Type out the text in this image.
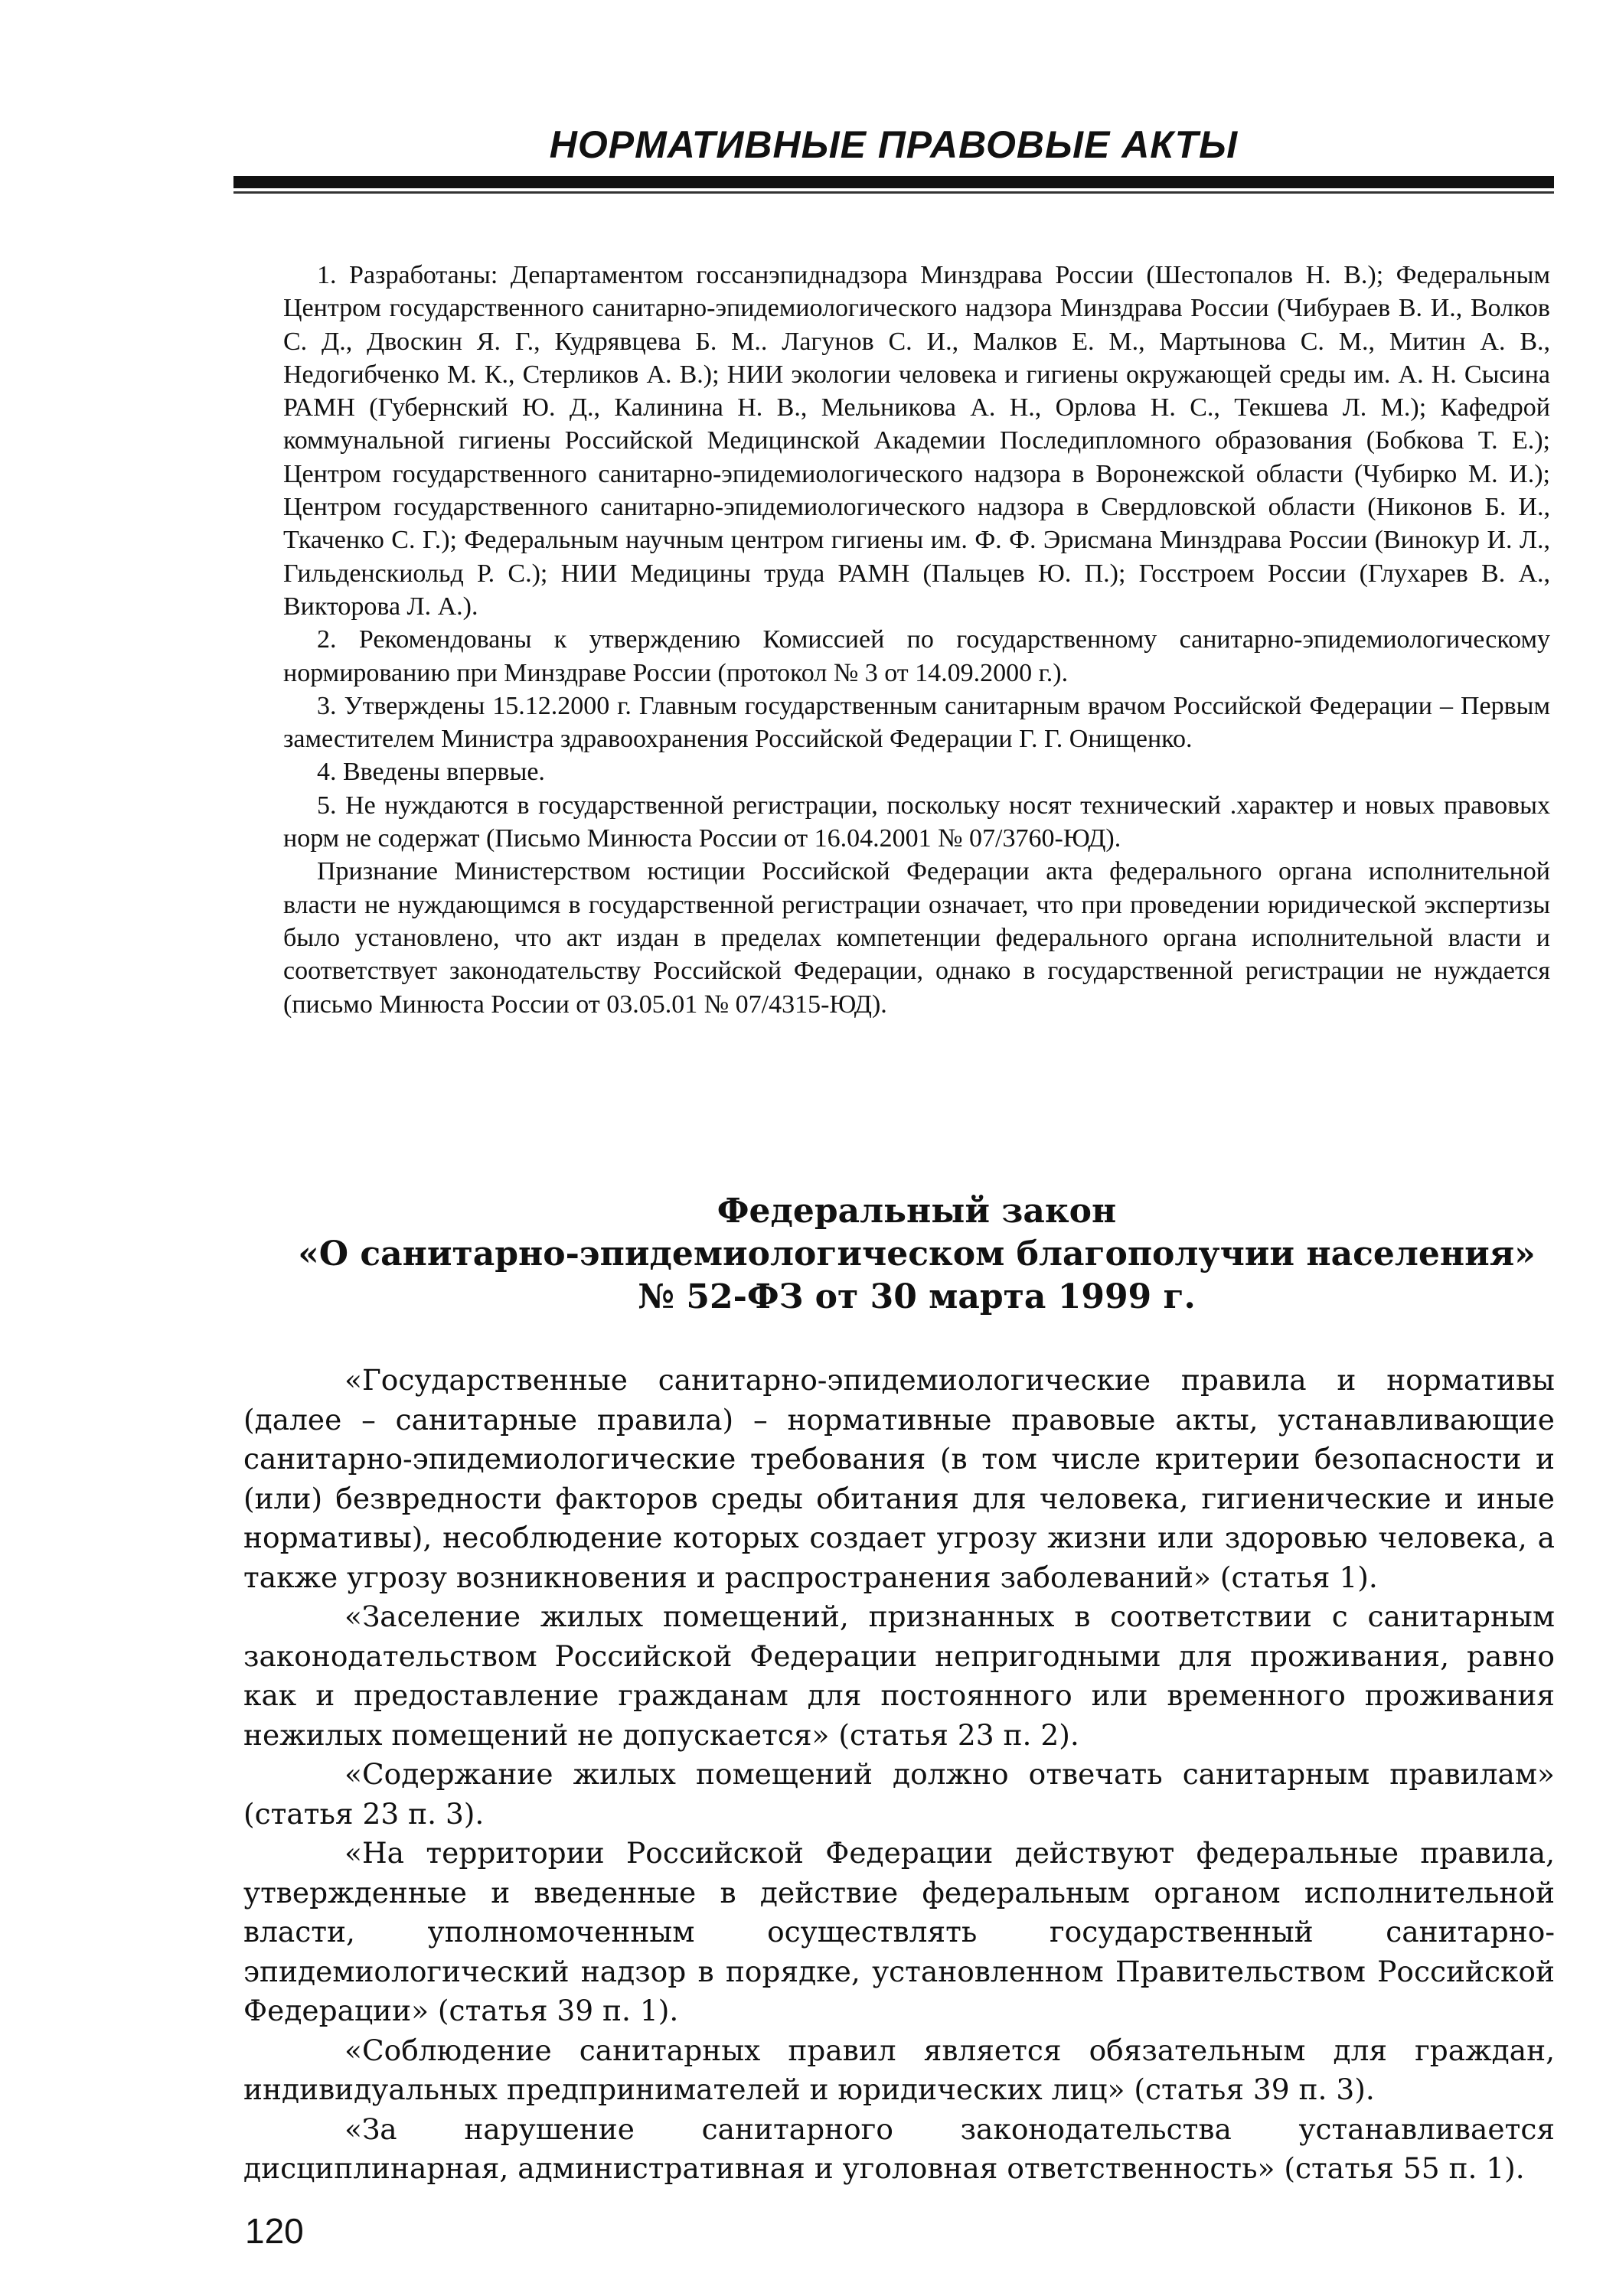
НОРМАТИВНЫЕ ПРАВОВЫЕ АКТЫ

1. Разработаны: Департаментом госсанэпиднадзора Минздрава России (Шестопалов Н. В.); Федеральным Центром государственного санитарно-эпидемиологического надзора Минздрава России (Чибураев В. И., Волков С. Д., Двоскин Я. Г., Кудрявцева Б. М.. Лагунов С. И., Малков Е. М., Мартынова С. М., Митин А. В., Недогибченко М. К., Стерликов А. В.); НИИ экологии человека и гигиены окружающей среды им. А. Н. Сысина РАМН (Губернский Ю. Д., Калинина Н. В., Мельникова А. Н., Орлова Н. С., Текшева Л. М.); Кафедрой коммунальной гигиены Российской Медицинской Академии Последипломного образования (Бобкова Т. Е.); Центром государственного санитарно-эпидемиологического надзора в Воронежской области (Чубирко М. И.); Центром государственного санитарно-эпидемиологического надзора в Свердловской области (Никонов Б. И., Ткаченко С. Г.); Федеральным научным центром гигиены им. Ф. Ф. Эрисмана Минздрава России (Винокур И. Л., Гильденскиольд Р. С.); НИИ Медицины труда РАМН (Пальцев Ю. П.); Госстроем России (Глухарев В. А., Викторова Л. А.).

2. Рекомендованы к утверждению Комиссией по государственному санитарно-эпидемиологическому нормированию при Минздраве России (протокол № 3 от 14.09.2000 г.).

3. Утверждены 15.12.2000 г. Главным государственным санитарным врачом Российской Федерации – Первым заместителем Министра здравоохранения Российской Федерации Г. Г. Онищенко.

4. Введены впервые.

5. Не нуждаются в государственной регистрации, поскольку носят технический .характер и новых правовых норм не содержат (Письмо Минюста России от 16.04.2001 № 07/3760-ЮД).

Признание Министерством юстиции Российской Федерации акта федерального органа исполнительной власти не нуждающимся в государственной регистрации означает, что при проведении юридической экспертизы было установлено, что акт издан в пределах компетенции федерального органа исполнительной власти и соответствует законодательству Российской Федерации, однако в государственной регистрации не нуждается (письмо Минюста России от 03.05.01 № 07/4315-ЮД).

Федеральный закон
«О санитарно-эпидемиологическом благополучии населения»
№ 52-ФЗ от 30 марта 1999 г.

«Государственные санитарно-эпидемиологические правила и нормативы (далее – санитарные правила) – нормативные правовые акты, устанавливающие санитарно-эпидемиологические требования (в том числе критерии безопасности и (или) безвредности факторов среды обитания для человека, гигиенические и иные нормативы), несоблюдение которых создает угрозу жизни или здоровью человека, а также угрозу возникновения и распространения заболеваний» (статья 1).

«Заселение жилых помещений, признанных в соответствии с санитарным законодательством Российской Федерации непригодными для проживания, равно как и предоставление гражданам для постоянного или временного проживания нежилых помещений не допускается» (статья 23 п. 2).

«Содержание жилых помещений должно отвечать санитарным правилам» (статья 23 п. 3).

«На территории Российской Федерации действуют федеральные правила, утвержденные и введенные в действие федеральным органом исполнительной власти, уполномоченным осуществлять государственный санитарно-эпидемиологический надзор в порядке, установленном Правительством Российской Федерации» (статья 39 п. 1).

«Соблюдение санитарных правил является обязательным для граждан, индивидуальных предпринимателей и юридических лиц» (статья 39 п. 3).

«За нарушение санитарного законодательства устанавливается дисциплинарная, административная и уголовная ответственность» (статья 55 п. 1).

120
